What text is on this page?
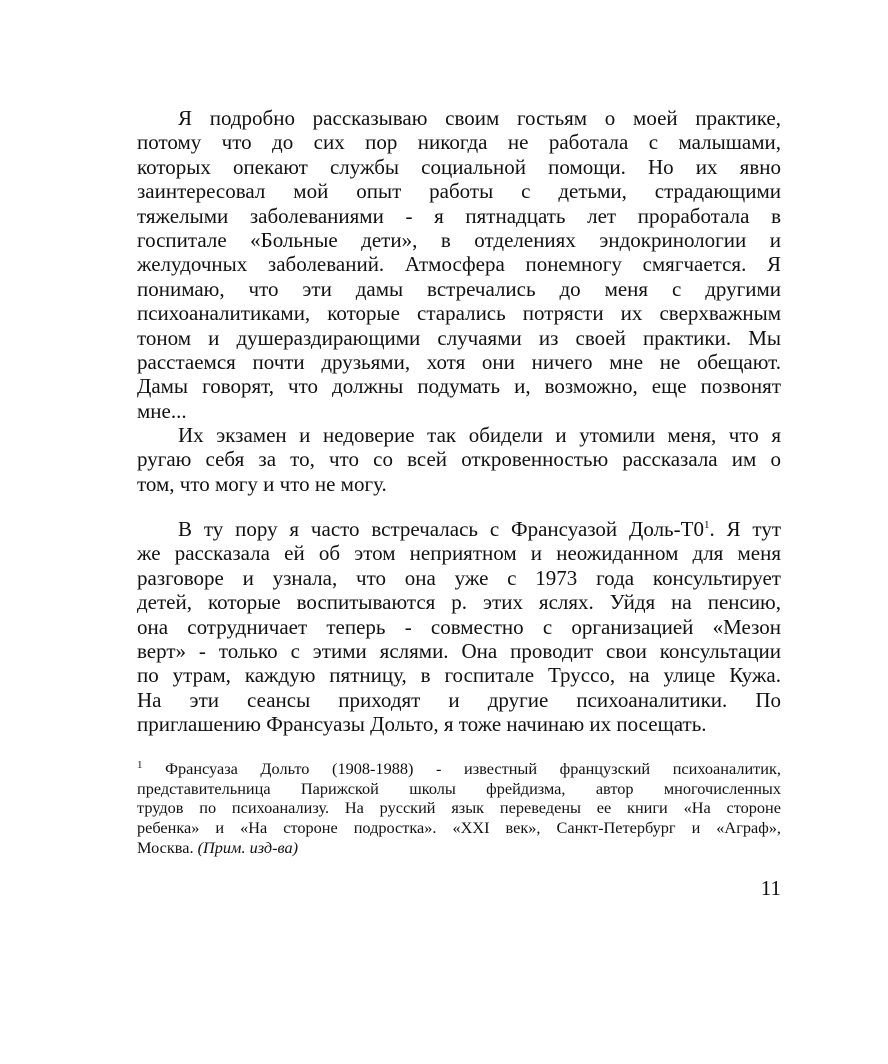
Я подробно рассказываю своим гостьям о моей практике,
потому что до сих пор никогда не работала с малышами,
которых опекают службы социальной помощи. Но их явно
заинтересовал мой опыт работы с детьми, страдающими
тяжелыми заболеваниями - я пятнадцать лет проработала в
госпитале «Больные дети», в отделениях эндокринологии и
желудочных заболеваний. Атмосфера понемногу смягчается. Я
понимаю, что эти дамы встречались до меня с другими
психоаналитиками, которые старались потрясти их сверхважным
тоном и душераздирающими случаями из своей практики. Мы
расстаемся почти друзьями, хотя они ничего мне не обещают.
Дамы говорят, что должны подумать и, возможно, еще позвонят
мне...
Их экзамен и недоверие так обидели и утомили меня, что я
ругаю себя за то, что со всей откровенностью рассказала им о
том, что могу и что не могу.
В ту пору я часто встречалась с Франсуазой Доль-$Т0^1$. Я тут
же рассказала ей об этом неприятном и неожиданном для меня
разговоре и узнала, что она уже с 1973 года консультирует
детей, которые воспитываются р. этих яслях. Уйдя на пенсию,
она сотрудничает теперь - совместно с организацией «Мезон
верт» - только с этими яслями. Она проводит свои консультации
по утрам, каждую пятницу, в госпитале Труссо, на улице Кужа.
На эти сеансы приходят и другие психоаналитики. По
приглашению Франсуазы Дольто, я тоже начинаю их посещать.
$^1$ Франсуаза Дольто (1908-1988) - известный французский психоаналитик,
представительница Парижской школы фрейдизма, автор многочисленных
трудов по психоанализу. На русский язык переведены ее книги «На стороне
ребенка» и «На стороне подростка». «XXI век», Санкт-Петербург и «Аграф»,
Москва. (Прим. изд-ва)
11
